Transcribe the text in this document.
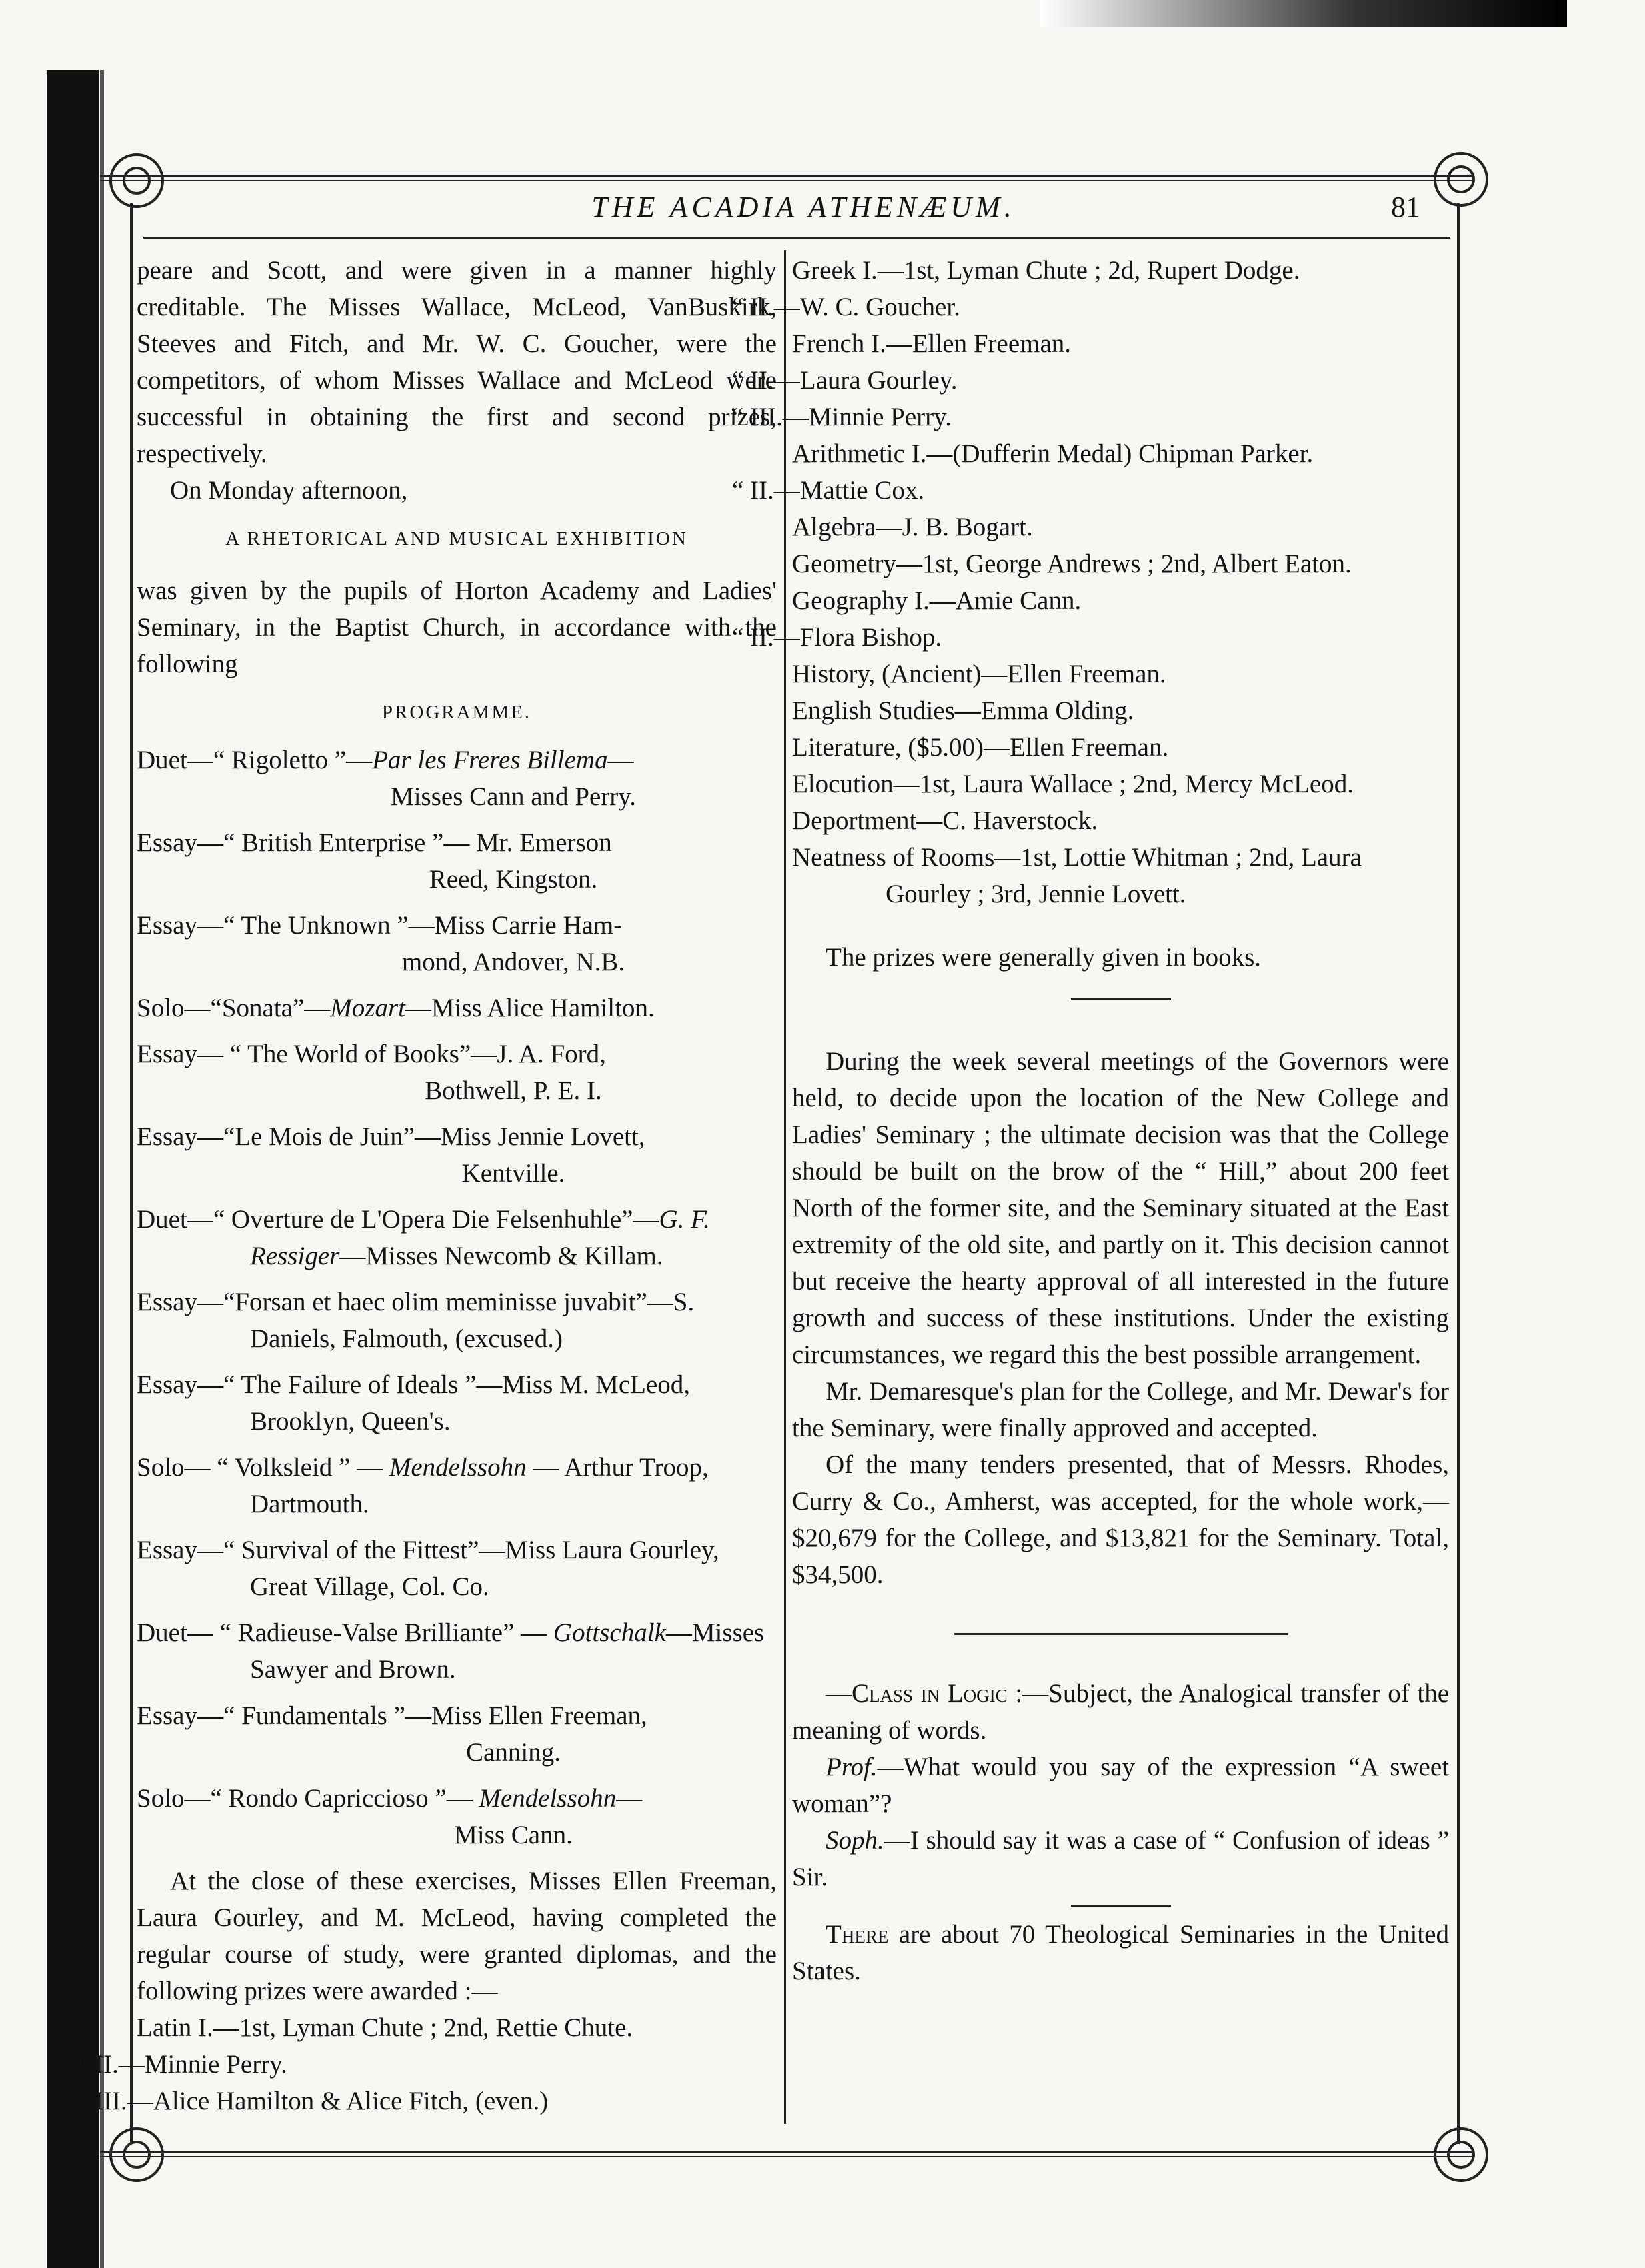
THE ACADIA ATHENÆUM.	81

peare and Scott, and were given in a manner highly creditable. The Misses Wallace, McLeod, VanBuskirk, Steeves and Fitch, and Mr. W. C. Goucher, were the competitors, of whom Misses Wallace and McLeod were successful in obtaining the first and second prizes, respectively.

On Monday afternoon,

A RHETORICAL AND MUSICAL EXHIBITION

was given by the pupils of Horton Academy and Ladies' Seminary, in the Baptist Church, in accordance with the following

PROGRAMME.

Duet—“ Rigoletto ”—Par les Freres Billema—
Misses Cann and Perry.

Essay—“ British Enterprise ”— Mr. Emerson
Reed, Kingston.

Essay—“ The Unknown ”—Miss Carrie Ham-
mond, Andover, N.B.

Solo—“Sonata”—Mozart—Miss Alice Hamilton.

Essay— “ The World of Books”—J. A. Ford,
Bothwell, P. E. I.

Essay—“Le Mois de Juin”—Miss Jennie Lovett,
Kentville.

Duet—“ Overture de L'Opera Die Felsenhuhle”—G. F. Ressiger—Misses Newcomb & Killam.

Essay—“Forsan et haec olim meminisse juvabit”—S. Daniels, Falmouth, (excused.)

Essay—“ The Failure of Ideals ”—Miss M. McLeod, Brooklyn, Queen's.

Solo— “ Volksleid ” — Mendelssohn — Arthur Troop, Dartmouth.

Essay—“ Survival of the Fittest”—Miss Laura Gourley, Great Village, Col. Co.

Duet— “ Radieuse-Valse Brilliante” — Gottschalk—Misses Sawyer and Brown.

Essay—“ Fundamentals ”—Miss Ellen Freeman,
Canning.

Solo—“ Rondo Capriccioso ”— Mendelssohn—
Miss Cann.

At the close of these exercises, Misses Ellen Freeman, Laura Gourley, and M. McLeod, having completed the regular course of study, were granted diplomas, and the following prizes were awarded :—

Latin I.—1st, Lyman Chute ; 2nd, Rettie Chute.

“ II.—Minnie Perry.

“ III.—Alice Hamilton & Alice Fitch, (even.)

Greek I.—1st, Lyman Chute ; 2d, Rupert Dodge.

“ II.—W. C. Goucher.

French I.—Ellen Freeman.

“ II.—Laura Gourley.

“ III.—Minnie Perry.

Arithmetic I.—(Dufferin Medal) Chipman Parker.

“ II.—Mattie Cox.

Algebra—J. B. Bogart.

Geometry—1st, George Andrews ; 2nd, Albert Eaton.

Geography I.—Amie Cann.

“ II.—Flora Bishop.

History, (Ancient)—Ellen Freeman.

English Studies—Emma Olding.

Literature, ($5.00)—Ellen Freeman.

Elocution—1st, Laura Wallace ; 2nd, Mercy McLeod.

Deportment—C. Haverstock.

Neatness of Rooms—1st, Lottie Whitman ; 2nd, Laura Gourley ; 3rd, Jennie Lovett.

The prizes were generally given in books.

During the week several meetings of the Governors were held, to decide upon the location of the New College and Ladies' Seminary ; the ultimate decision was that the College should be built on the brow of the “ Hill,” about 200 feet North of the former site, and the Seminary situated at the East extremity of the old site, and partly on it. This decision cannot but receive the hearty approval of all interested in the future growth and success of these institutions. Under the existing circumstances, we regard this the best possible arrangement.

Mr. Demaresque's plan for the College, and Mr. Dewar's for the Seminary, were finally approved and accepted.

Of the many tenders presented, that of Messrs. Rhodes, Curry & Co., Amherst, was accepted, for the whole work,—$20,679 for the College, and $13,821 for the Seminary. Total, $34,500.

—Class in Logic :—Subject, the Analogical transfer of the meaning of words.

Prof.—What would you say of the expression “A sweet woman”?

Soph.—I should say it was a case of “ Confusion of ideas ” Sir.

There are about 70 Theological Seminaries in the United States.
